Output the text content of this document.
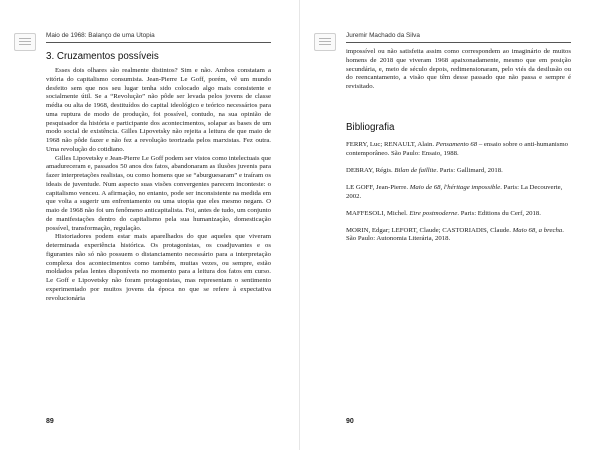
Maio de 1968: Balanço de uma Utopia
3. Cruzamentos possíveis

Esses dois olhares são realmente distintos? Sim e não. Ambos constatam a vitória do capitalismo consumista. Jean-Pierre Le Goff, porém, vê um mundo desfeito sem que nos seu lugar tenha sido colocado algo mais consistente e socialmente útil. Se a “Revolução” não pôde ser levada pelos jovens de classe média ou alta de 1968, destituídos do capital ideológico e teórico necessários para uma ruptura de modo de produção, foi possível, contudo, na sua opinião de pesquisador da história e participante dos acontecimentos, solapar as bases de um modo social de existência. Gilles Lipovetsky não rejeita a leitura de que maio de 1968 não pôde fazer e não fez a revolução teorizada pelos marxistas. Fez outra. Uma revolução do cotidiano.

Gilles Lipovetsky e Jean-Pierre Le Goff podem ser vistos como intelectuais que amadureceram e, passados 50 anos dos fatos, abandonaram as ilusões juvenis para fazer interpretações realistas, ou como homens que se “aburguesaram” e traíram os ideais de juventude. Num aspecto suas visões convergentes parecem inconteste: o capitalismo venceu. A afirmação, no entanto, pode ser inconsistente na medida em que volta a sugerir um enfrentamento ou uma utopia que eles mesmo negam. O maio de 1968 não foi um fenômeno anticapitalista. Foi, antes de tudo, um conjunto de manifestações dentro do capitalismo pela sua humanização, domesticação possível, transformação, regulação.

Historiadores podem estar mais aparelhados do que aqueles que viveram determinada experiência histórica. Os protagonistas, os coadjuvantes e os figurantes não só não possuem o distanciamento necessário para a interpretação complexa dos acontecimentos como também, muitas vezes, ou sempre, estão moldados pelas lentes disponíveis no momento para a leitura dos fatos em curso. Le Goff e Lipovetsky não foram protagonistas, mas representam o sentimento experimentado por muitos jovens da época no que se refere à expectativa revolucionária

89
Juremir Machado da Silva

impossível ou não satisfeita assim como correspondem ao imaginário de muitos homens de 2018 que viveram 1968 apaixonadamente, mesmo que em posição secundária, e, meio de século depois, redimensionaram, pelo viés da desilusão ou do reencantamento, a visão que têm desse passado que não passa e sempre é revisitado.

Bibliografia

FERRY, Luc; RENAULT, Alain. Pensamento 68 – ensaio sobre o anti-humanismo contemporâneo. São Paulo: Ensaio, 1988.

DEBRAY, Régis. Bilan de faillite. Paris: Gallimard, 2018.

LE GOFF, Jean-Pierre. Maio de 68, l'héritage impossible. Paris: La Decouverte, 2002.

MAFFESOLI, Michel. Etre postmoderne. Paris: Editions du Cerf, 2018.

MORIN, Edgar; LEFORT, Claude; CASTORIADIS, Claude. Maio 68, a brecha. São Paulo: Autonomia Literária, 2018.

90
